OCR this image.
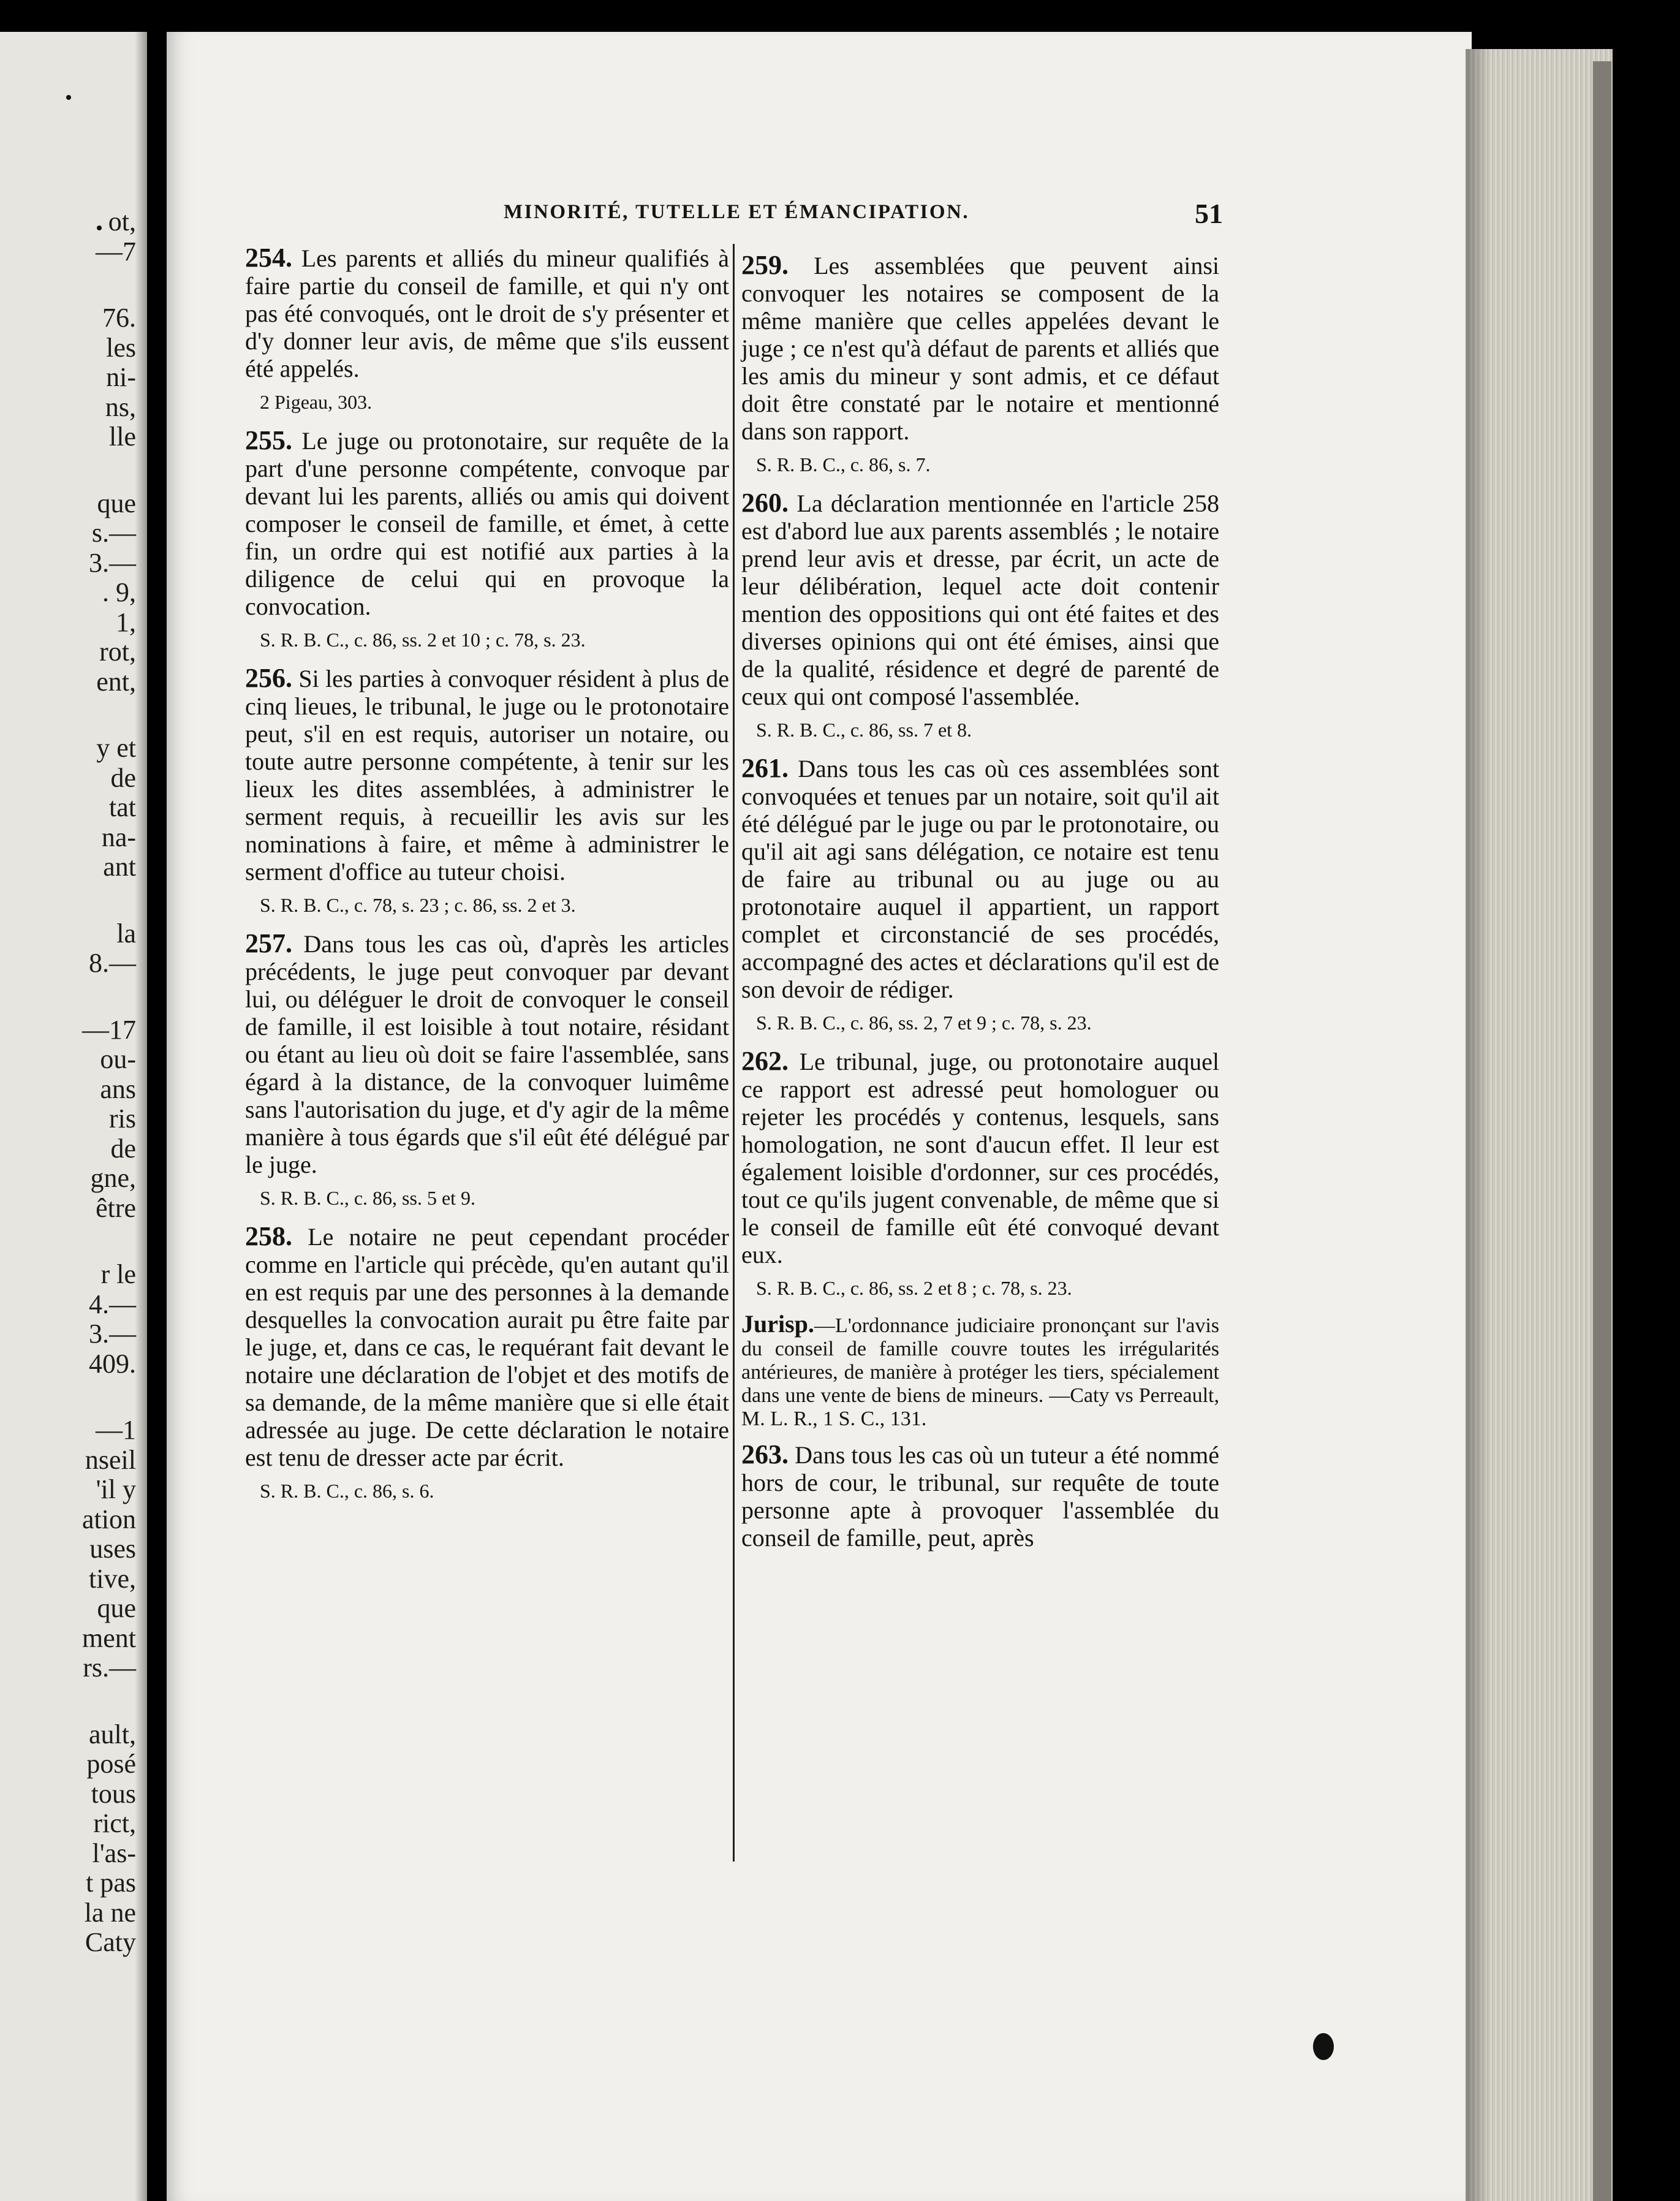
ot,
—7
76.
les
ni-
ns,
lle
que
s.—
3.—
. 9,
1,
rot,
ent,
y et
de
tat
na-
ant
la
8.—
—17
ou-
ans
ris
de
gne,
être
r le
4.—
3.—
409.
—1
nseil
'il y
ation
uses
tive,
que
ment
rs.—
ault,
posé
tous
rict,
l'as-
t pas
la ne
Caty
MINORITÉ, TUTELLE ET ÉMANCIPATION.	51
254. Les parents et alliés du mineur qualifiés à faire partie du conseil de famille, et qui n'y ont pas été convoqués, ont le droit de s'y présenter et d'y donner leur avis, de même que s'ils eussent été appelés.
2 Pigeau, 303.
255. Le juge ou protonotaire, sur requête de la part d'une personne compétente, convoque par devant lui les parents, alliés ou amis qui doivent composer le conseil de famille, et émet, à cette fin, un ordre qui est notifié aux parties à la diligence de celui qui en provoque la convocation.
S. R. B. C., c. 86, ss. 2 et 10 ; c. 78, s. 23.
256. Si les parties à convoquer résident à plus de cinq lieues, le tribunal, le juge ou le protonotaire peut, s'il en est requis, autoriser un notaire, ou toute autre personne compétente, à tenir sur les lieux les dites assemblées, à administrer le serment requis, à recueillir les avis sur les nominations à faire, et même à administrer le serment d'office au tuteur choisi.
S. R. B. C., c. 78, s. 23 ; c. 86, ss. 2 et 3.
257. Dans tous les cas où, d'après les articles précédents, le juge peut convoquer par devant lui, ou déléguer le droit de convoquer le conseil de famille, il est loisible à tout notaire, résidant ou étant au lieu où doit se faire l'assemblée, sans égard à la distance, de la convoquer luimême sans l'autorisation du juge, et d'y agir de la même manière à tous égards que s'il eût été délégué par le juge.
S. R. B. C., c. 86, ss. 5 et 9.
258. Le notaire ne peut cependant procéder comme en l'article qui précède, qu'en autant qu'il en est requis par une des personnes à la demande desquelles la convocation aurait pu être faite par le juge, et, dans ce cas, le requérant fait devant le notaire une déclaration de l'objet et des motifs de sa demande, de la même manière que si elle était adressée au juge. De cette déclaration le notaire est tenu de dresser acte par écrit.
S. R. B. C., c. 86, s. 6.
259. Les assemblées que peuvent ainsi convoquer les notaires se composent de la même manière que celles appelées devant le juge ; ce n'est qu'à défaut de parents et alliés que les amis du mineur y sont admis, et ce défaut doit être constaté par le notaire et mentionné dans son rapport.
S. R. B. C., c. 86, s. 7.
260. La déclaration mentionnée en l'article 258 est d'abord lue aux parents assemblés ; le notaire prend leur avis et dresse, par écrit, un acte de leur délibération, lequel acte doit contenir mention des oppositions qui ont été faites et des diverses opinions qui ont été émises, ainsi que de la qualité, résidence et degré de parenté de ceux qui ont composé l'assemblée.
S. R. B. C., c. 86, ss. 7 et 8.
261. Dans tous les cas où ces assemblées sont convoquées et tenues par un notaire, soit qu'il ait été délégué par le juge ou par le protonotaire, ou qu'il ait agi sans délégation, ce notaire est tenu de faire au tribunal ou au juge ou au protonotaire auquel il appartient, un rapport complet et circonstancié de ses procédés, accompagné des actes et déclarations qu'il est de son devoir de rédiger.
S. R. B. C., c. 86, ss. 2, 7 et 9 ; c. 78, s. 23.
262. Le tribunal, juge, ou protonotaire auquel ce rapport est adressé peut homologuer ou rejeter les procédés y contenus, lesquels, sans homologation, ne sont d'aucun effet. Il leur est également loisible d'ordonner, sur ces procédés, tout ce qu'ils jugent convenable, de même que si le conseil de famille eût été convoqué devant eux.
S. R. B. C., c. 86, ss. 2 et 8 ; c. 78, s. 23.
Jurisp.—L'ordonnance judiciaire prononçant sur l'avis du conseil de famille couvre toutes les irrégularités antérieures, de manière à protéger les tiers, spécialement dans une vente de biens de mineurs. —Caty vs Perreault, M. L. R., 1 S. C., 131.
263. Dans tous les cas où un tuteur a été nommé hors de cour, le tribunal, sur requête de toute personne apte à provoquer l'assemblée du conseil de famille, peut, après
